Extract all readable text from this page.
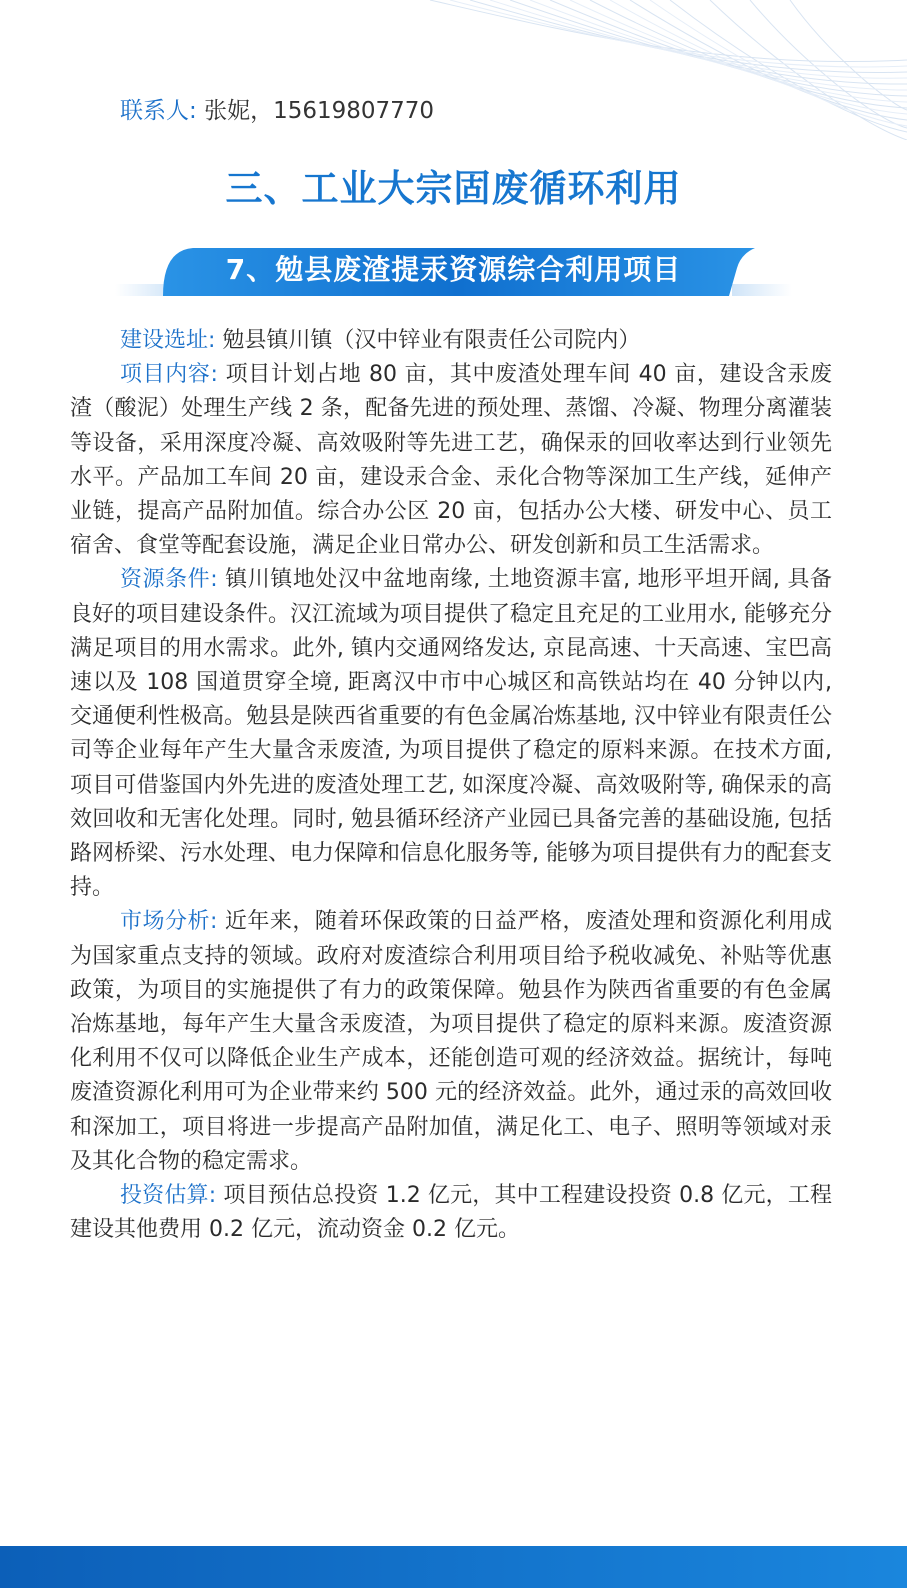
联系人: 张妮，15619807770
三、工业大宗固废循环利用
7、勉县废渣提汞资源综合利用项目

建设选址: 勉县镇川镇（汉中锌业有限责任公司院内）

项目内容: 项目计划占地 80 亩，其中废渣处理车间 40 亩，建设含汞废渣（酸泥）处理生产线 2 条，配备先进的预处理、蒸馏、冷凝、物理分离灌装等设备，采用深度冷凝、高效吸附等先进工艺，确保汞的回收率达到行业领先水平。产品加工车间 20 亩，建设汞合金、汞化合物等深加工生产线，延伸产业链，提高产品附加值。综合办公区 20 亩，包括办公大楼、研发中心、员工宿舍、食堂等配套设施，满足企业日常办公、研发创新和员工生活需求。

资源条件: 镇川镇地处汉中盆地南缘, 土地资源丰富, 地形平坦开阔, 具备良好的项目建设条件。汉江流域为项目提供了稳定且充足的工业用水, 能够充分满足项目的用水需求。此外, 镇内交通网络发达, 京昆高速、十天高速、宝巴高速以及 108 国道贯穿全境, 距离汉中市中心城区和高铁站均在 40 分钟以内, 交通便利性极高。勉县是陕西省重要的有色金属冶炼基地, 汉中锌业有限责任公司等企业每年产生大量含汞废渣, 为项目提供了稳定的原料来源。在技术方面, 项目可借鉴国内外先进的废渣处理工艺, 如深度冷凝、高效吸附等, 确保汞的高效回收和无害化处理。同时, 勉县循环经济产业园已具备完善的基础设施, 包括路网桥梁、污水处理、电力保障和信息化服务等, 能够为项目提供有力的配套支持。

市场分析: 近年来，随着环保政策的日益严格，废渣处理和资源化利用成为国家重点支持的领域。政府对废渣综合利用项目给予税收减免、补贴等优惠政策，为项目的实施提供了有力的政策保障。勉县作为陕西省重要的有色金属冶炼基地，每年产生大量含汞废渣，为项目提供了稳定的原料来源。废渣资源化利用不仅可以降低企业生产成本，还能创造可观的经济效益。据统计，每吨废渣资源化利用可为企业带来约 500 元的经济效益。此外，通过汞的高效回收和深加工，项目将进一步提高产品附加值，满足化工、电子、照明等领域对汞及其化合物的稳定需求。

投资估算: 项目预估总投资 1.2 亿元，其中工程建设投资 0.8 亿元，工程建设其他费用 0.2 亿元，流动资金 0.2 亿元。
